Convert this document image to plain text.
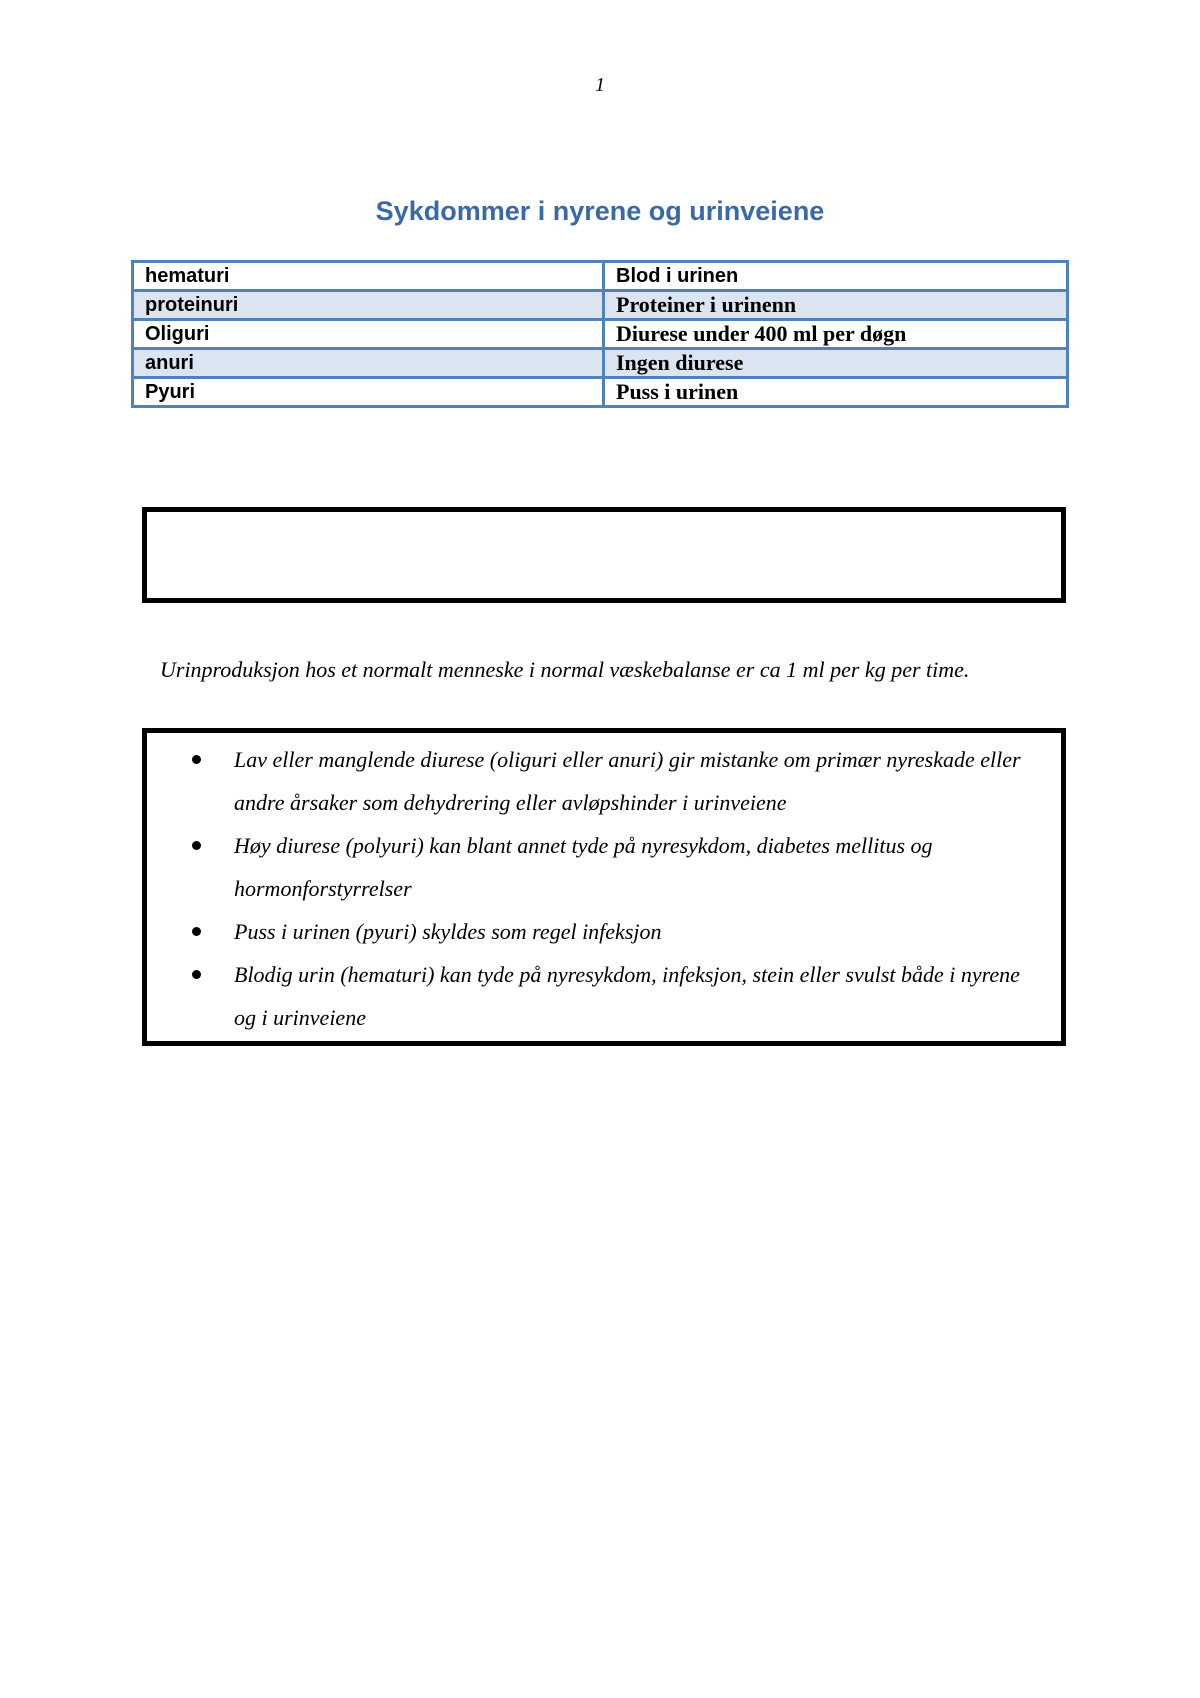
1
Sykdommer i nyrene og urinveiene
hematuri	Blod i urinen
proteinuri	Proteiner i urinenn
Oliguri	Diurese under 400 ml per døgn
anuri	Ingen diurese
Pyuri	Puss i urinen

Urinproduksjon hos et normalt menneske i normal væskebalanse er ca 1 ml per kg per time.

Lav eller manglende diurese (oliguri eller anuri) gir mistanke om primær nyreskade eller andre årsaker som dehydrering eller avløpshinder i urinveiene
Høy diurese (polyuri) kan blant annet tyde på nyresykdom, diabetes mellitus og hormonforstyrrelser
Puss i urinen (pyuri) skyldes som regel infeksjon
Blodig urin (hematuri) kan tyde på nyresykdom, infeksjon, stein eller svulst både i nyrene og i urinveiene
